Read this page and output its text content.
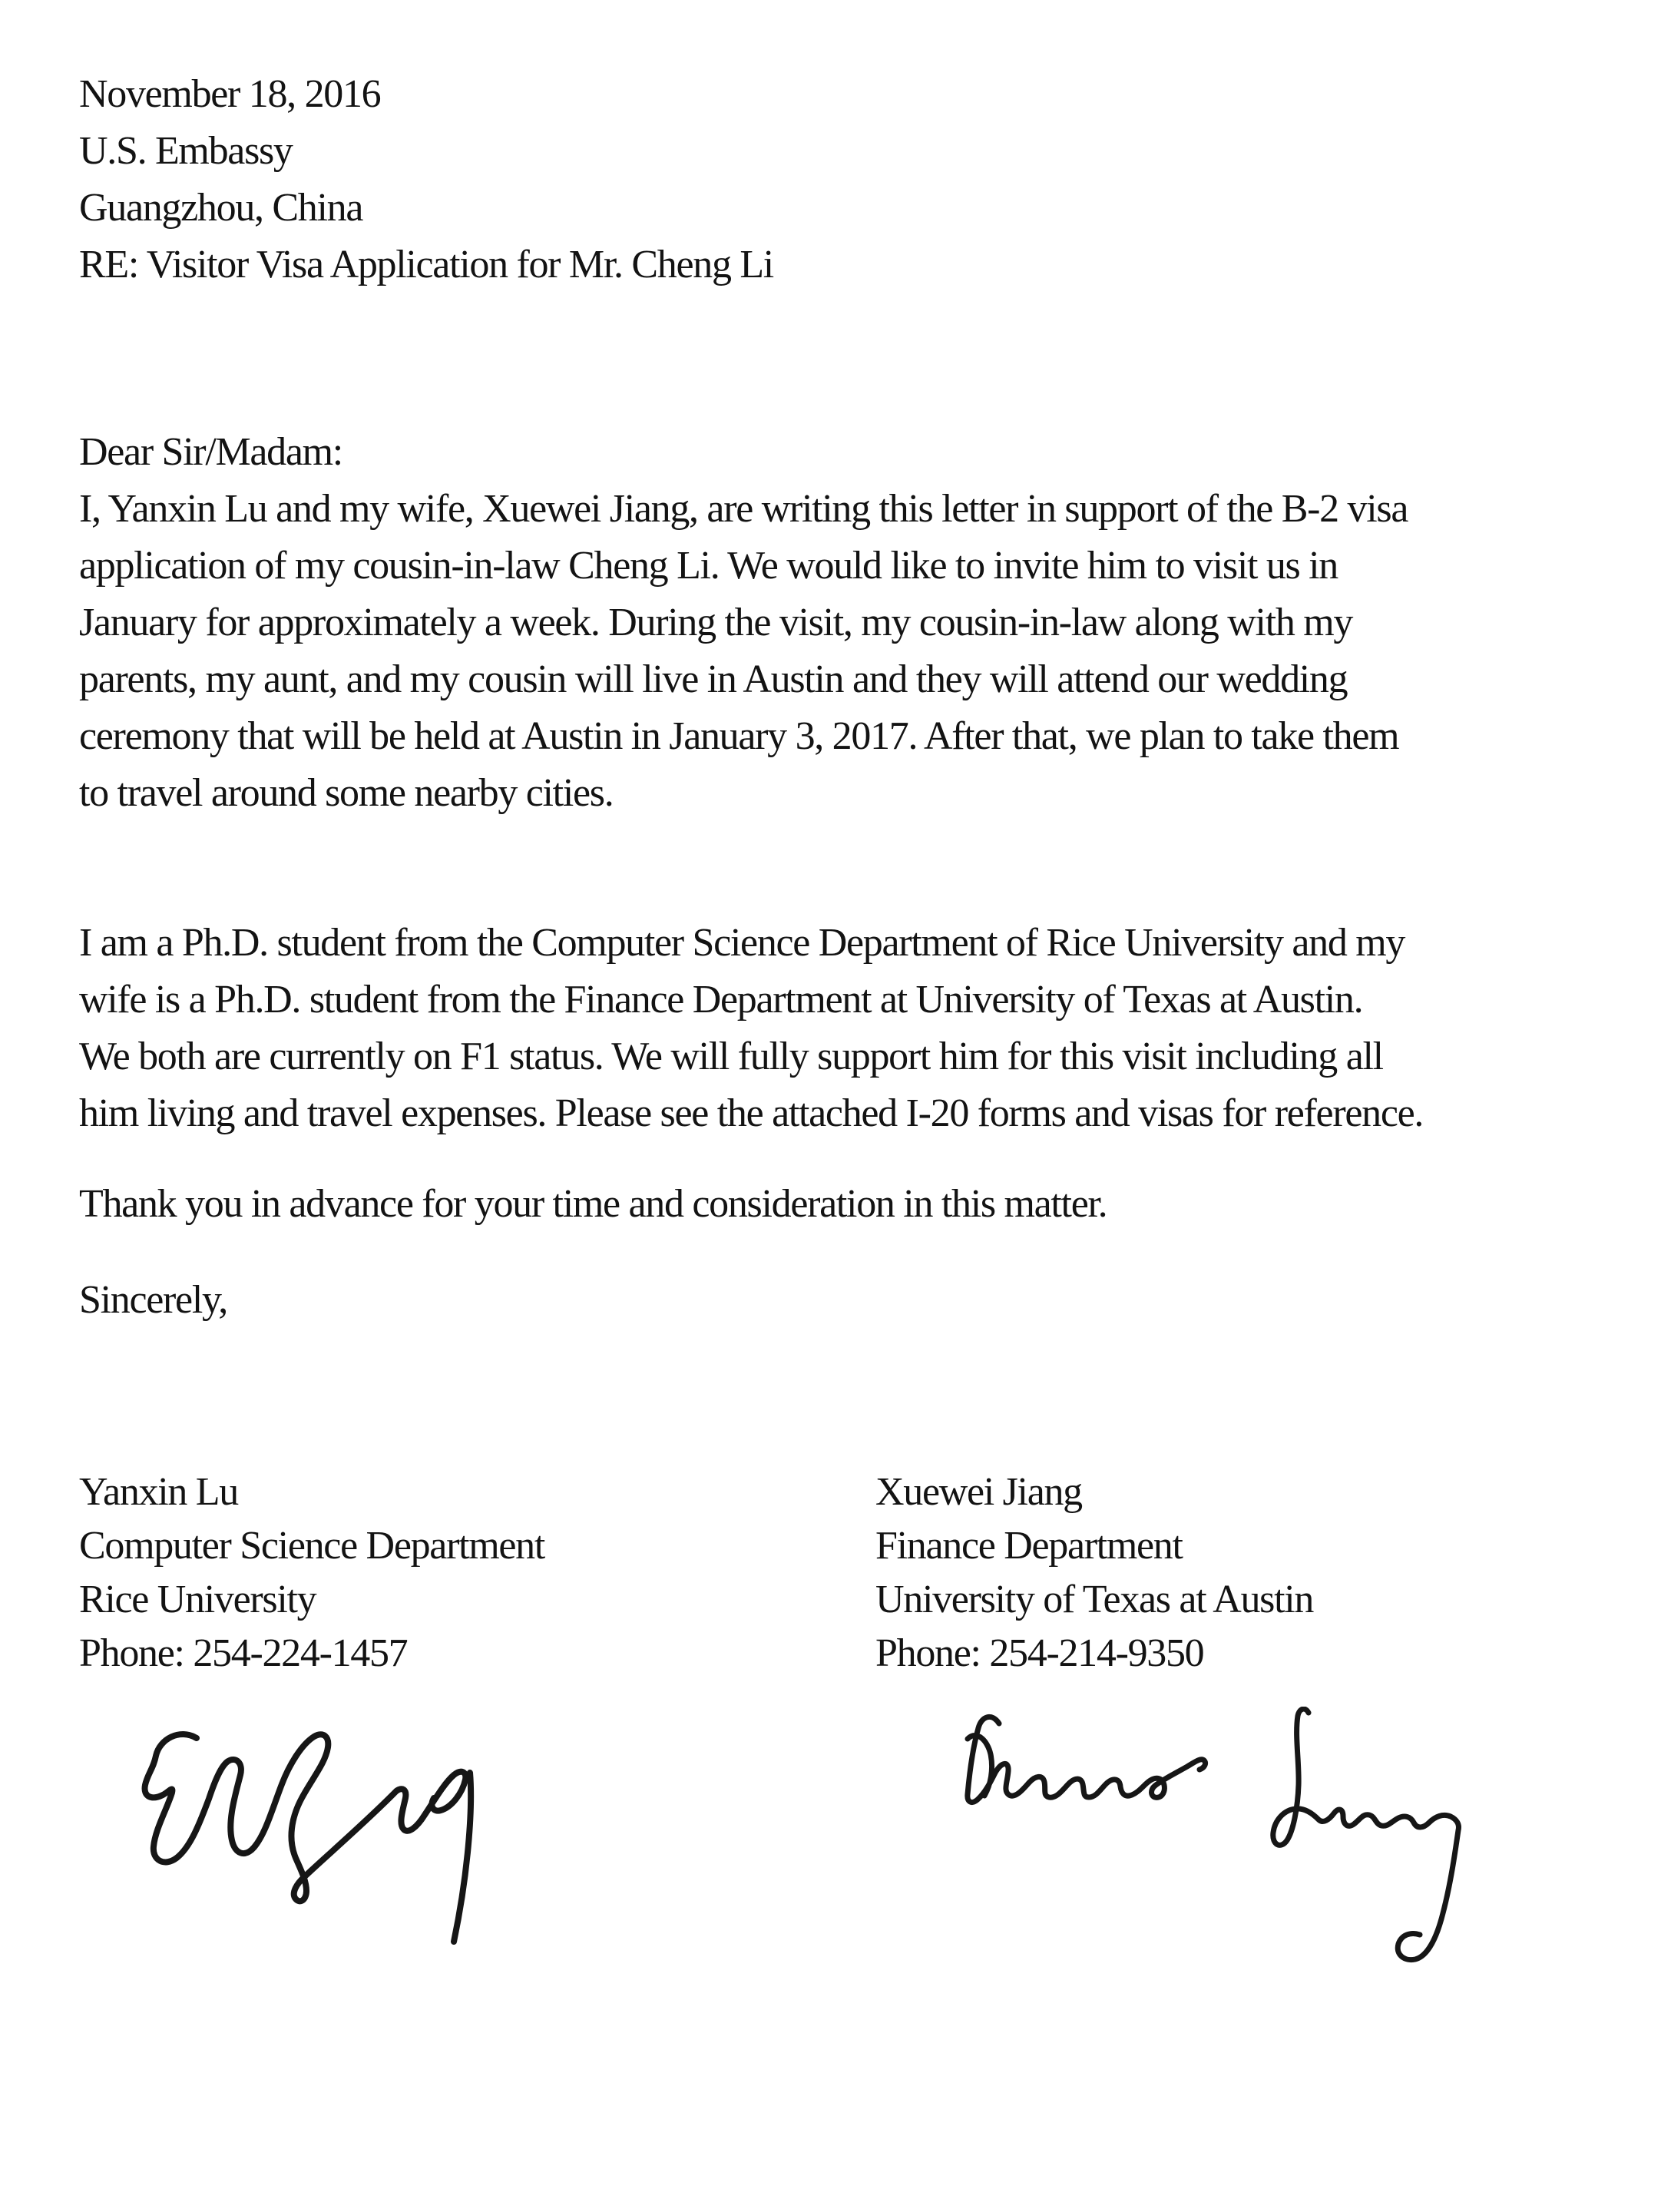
November 18, 2016
U.S. Embassy
Guangzhou, China
RE: Visitor Visa Application for Mr. Cheng Li
Dear Sir/Madam:
I, Yanxin Lu and my wife, Xuewei Jiang, are writing this letter in support of the B-2 visa
application of my cousin-in-law Cheng Li. We would like to invite him to visit us in
January for approximately a week. During the visit, my cousin-in-law along with my
parents, my aunt, and my cousin will live in Austin and they will attend our wedding
ceremony that will be held at Austin in January 3, 2017. After that, we plan to take them
to travel around some nearby cities.
I am a Ph.D. student from the Computer Science Department of Rice University and my
wife is a Ph.D. student from the Finance Department at University of Texas at Austin.
We both are currently on F1 status. We will fully support him for this visit including all
him living and travel expenses. Please see the attached I-20 forms and visas for reference.
Thank you in advance for your time and consideration in this matter.
Sincerely,
Yanxin Lu
Computer Science Department
Rice University
Phone: 254-224-1457
Xuewei Jiang
Finance Department
University of Texas at Austin
Phone: 254-214-9350
